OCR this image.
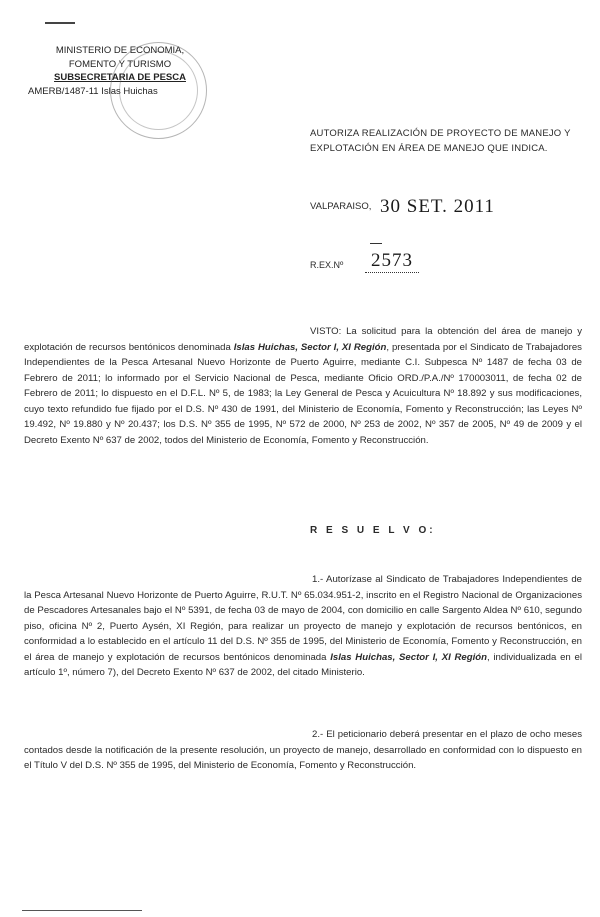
MINISTERIO DE ECONOMIA,
FOMENTO Y TURISMO
SUBSECRETARIA DE PESCA
AMERB/1487-11 Islas Huichas
AUTORIZA REALIZACIÓN DE PROYECTO DE MANEJO Y EXPLOTACIÓN EN ÁREA DE MANEJO QUE INDICA.
VALPARAISO, 30 SET. 2011
R.EX.Nº	2573
VISTO: La solicitud para la obtención del área de manejo y explotación de recursos bentónicos denominada Islas Huichas, Sector I, XI Región, presentada por el Sindicato de Trabajadores Independientes de la Pesca Artesanal Nuevo Horizonte de Puerto Aguirre, mediante C.I. Subpesca Nº 1487 de fecha 03 de Febrero de 2011; lo informado por el Servicio Nacional de Pesca, mediante Oficio ORD./P.A./Nº 170003011, de fecha 02 de Febrero de 2011; lo dispuesto en el D.F.L. Nº 5, de 1983; la Ley General de Pesca y Acuicultura Nº 18.892 y sus modificaciones, cuyo texto refundido fue fijado por el D.S. Nº 430 de 1991, del Ministerio de Economía, Fomento y Reconstrucción; las Leyes Nº 19.492, Nº 19.880 y Nº 20.437; los D.S. Nº 355 de 1995, Nº 572 de 2000, Nº 253 de 2002, Nº 357 de 2005, Nº 49 de 2009 y el Decreto Exento Nº 637 de 2002, todos del Ministerio de Economía, Fomento y Reconstrucción.
R E S U E L V O:
1.- Autorízase al Sindicato de Trabajadores Independientes de la Pesca Artesanal Nuevo Horizonte de Puerto Aguirre, R.U.T. Nº 65.034.951-2, inscrito en el Registro Nacional de Organizaciones de Pescadores Artesanales bajo el Nº 5391, de fecha 03 de mayo de 2004, con domicilio en calle Sargento Aldea Nº 610, segundo piso, oficina Nº 2, Puerto Aysén, XI Región, para realizar un proyecto de manejo y explotación de recursos bentónicos, en conformidad a lo establecido en el artículo 11 del D.S. Nº 355 de 1995, del Ministerio de Economía, Fomento y Reconstrucción, en el área de manejo y explotación de recursos bentónicos denominada Islas Huichas, Sector I, XI Región, individualizada en el artículo 1º, número 7), del Decreto Exento Nº 637 de 2002, del citado Ministerio.
2.- El peticionario deberá presentar en el plazo de ocho meses contados desde la notificación de la presente resolución, un proyecto de manejo, desarrollado en conformidad con lo dispuesto en el Título V del D.S. Nº 355 de 1995, del Ministerio de Economía, Fomento y Reconstrucción.
